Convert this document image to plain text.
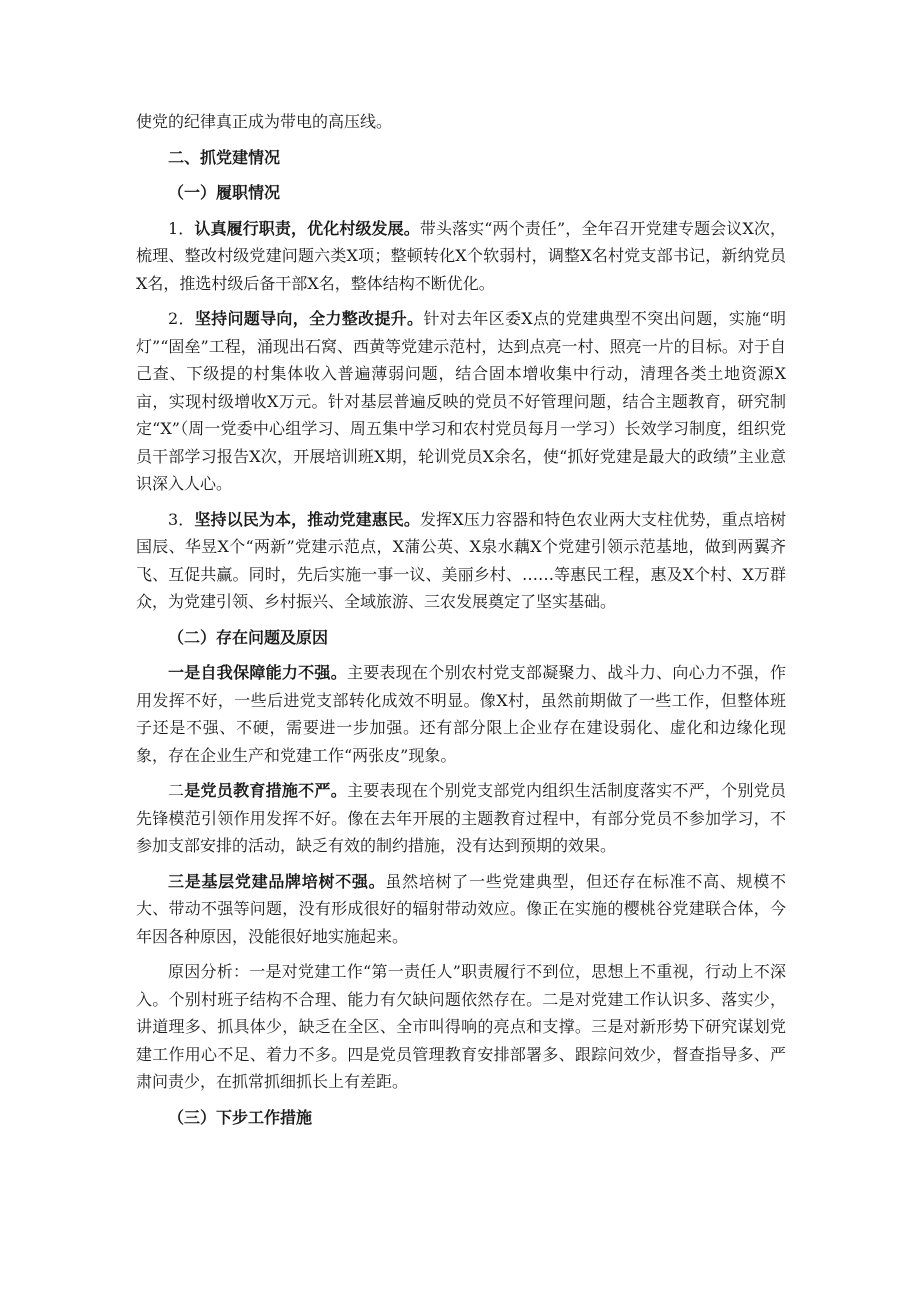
使党的纪律真正成为带电的高压线。

二、抓党建情况

（一）履职情况

1．认真履行职责，优化村级发展。带头落实“两个责任”，全年召开党建专题会议X次，梳理、整改村级党建问题六类X项；整顿转化X个软弱村，调整X名村党支部书记，新纳党员X名，推选村级后备干部X名，整体结构不断优化。

2．坚持问题导向，全力整改提升。针对去年区委X点的党建典型不突出问题，实施“明灯”“固垒”工程，涌现出石窝、西黄等党建示范村，达到点亮一村、照亮一片的目标。对于自己查、下级提的村集体收入普遍薄弱问题，结合固本增收集中行动，清理各类土地资源X亩，实现村级增收X万元。针对基层普遍反映的党员不好管理问题，结合主题教育，研究制定“X”（周一党委中心组学习、周五集中学习和农村党员每月一学习）长效学习制度，组织党员干部学习报告X次，开展培训班X期，轮训党员X余名，使“抓好党建是最大的政绩”主业意识深入人心。

3．坚持以民为本，推动党建惠民。发挥X压力容器和特色农业两大支柱优势，重点培树国辰、华昱X个“两新”党建示范点，X蒲公英、X泉水藕X个党建引领示范基地，做到两翼齐飞、互促共赢。同时，先后实施一事一议、美丽乡村、……等惠民工程，惠及X个村、X万群众，为党建引领、乡村振兴、全域旅游、三农发展奠定了坚实基础。

（二）存在问题及原因

一是自我保障能力不强。主要表现在个别农村党支部凝聚力、战斗力、向心力不强，作用发挥不好，一些后进党支部转化成效不明显。像X村，虽然前期做了一些工作，但整体班子还是不强、不硬，需要进一步加强。还有部分限上企业存在建设弱化、虚化和边缘化现象，存在企业生产和党建工作“两张皮”现象。

二是党员教育措施不严。主要表现在个别党支部党内组织生活制度落实不严，个别党员先锋模范引领作用发挥不好。像在去年开展的主题教育过程中，有部分党员不参加学习，不参加支部安排的活动，缺乏有效的制约措施，没有达到预期的效果。

三是基层党建品牌培树不强。虽然培树了一些党建典型，但还存在标准不高、规模不大、带动不强等问题，没有形成很好的辐射带动效应。像正在实施的樱桃谷党建联合体，今年因各种原因，没能很好地实施起来。

原因分析：一是对党建工作“第一责任人”职责履行不到位，思想上不重视，行动上不深入。个别村班子结构不合理、能力有欠缺问题依然存在。二是对党建工作认识多、落实少，讲道理多、抓具体少，缺乏在全区、全市叫得响的亮点和支撑。三是对新形势下研究谋划党建工作用心不足、着力不多。四是党员管理教育安排部署多、跟踪问效少，督查指导多、严肃问责少，在抓常抓细抓长上有差距。

（三）下步工作措施
